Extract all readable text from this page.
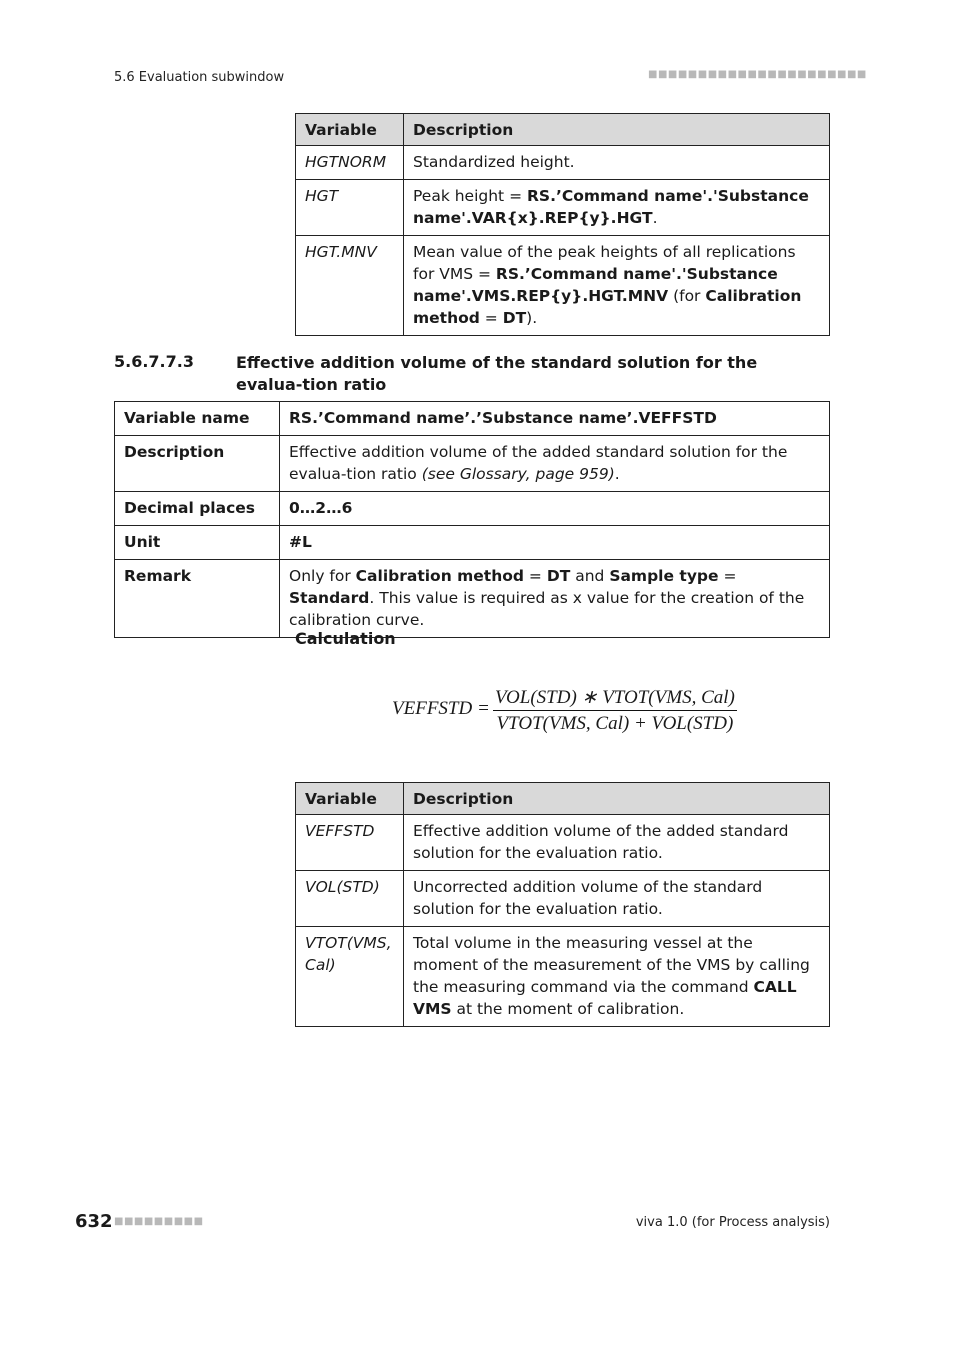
5.6 Evaluation subwindow	■■■■■■■■■■■■■■■■■■■■■■
Variable	Description
HGTNORM	Standardized height.
HGT	Peak height = RS.’Command name'.'Substance name'.VAR{x}.REP{y}.HGT.
HGT.MNV	Mean value of the peak heights of all replications for VMS = RS.’Command name'.'Substance name'.VMS.REP{y}.HGT.MNV (for Calibration method = DT).
5.6.7.7.3	Effective addition volume of the standard solution for the evalua-tion ratio
Variable name	RS.’Command name’.’Substance name’.VEFFSTD
Description	Effective addition volume of the added standard solution for the evalua-tion ratio (see Glossary, page 959).
Decimal places	0…2…6
Unit	#L
Remark	Only for Calibration method = DT and Sample type = Standard. This value is required as x value for the creation of the calibration curve.
Calculation
VEFFSTD =
VOL(STD) ∗ VTOT(VMS, Cal)
VTOT(VMS, Cal) + VOL(STD)
Variable	Description
VEFFSTD	Effective addition volume of the added standard solution for the evaluation ratio.
VOL(STD)	Uncorrected addition volume of the standard solution for the evaluation ratio.
VTOT(VMS, Cal)	Total volume in the measuring vessel at the moment of the measurement of the VMS by calling the measuring command via the command CALL VMS at the moment of calibration.
632 ■■■■■■■■■	viva 1.0 (for Process analysis)
